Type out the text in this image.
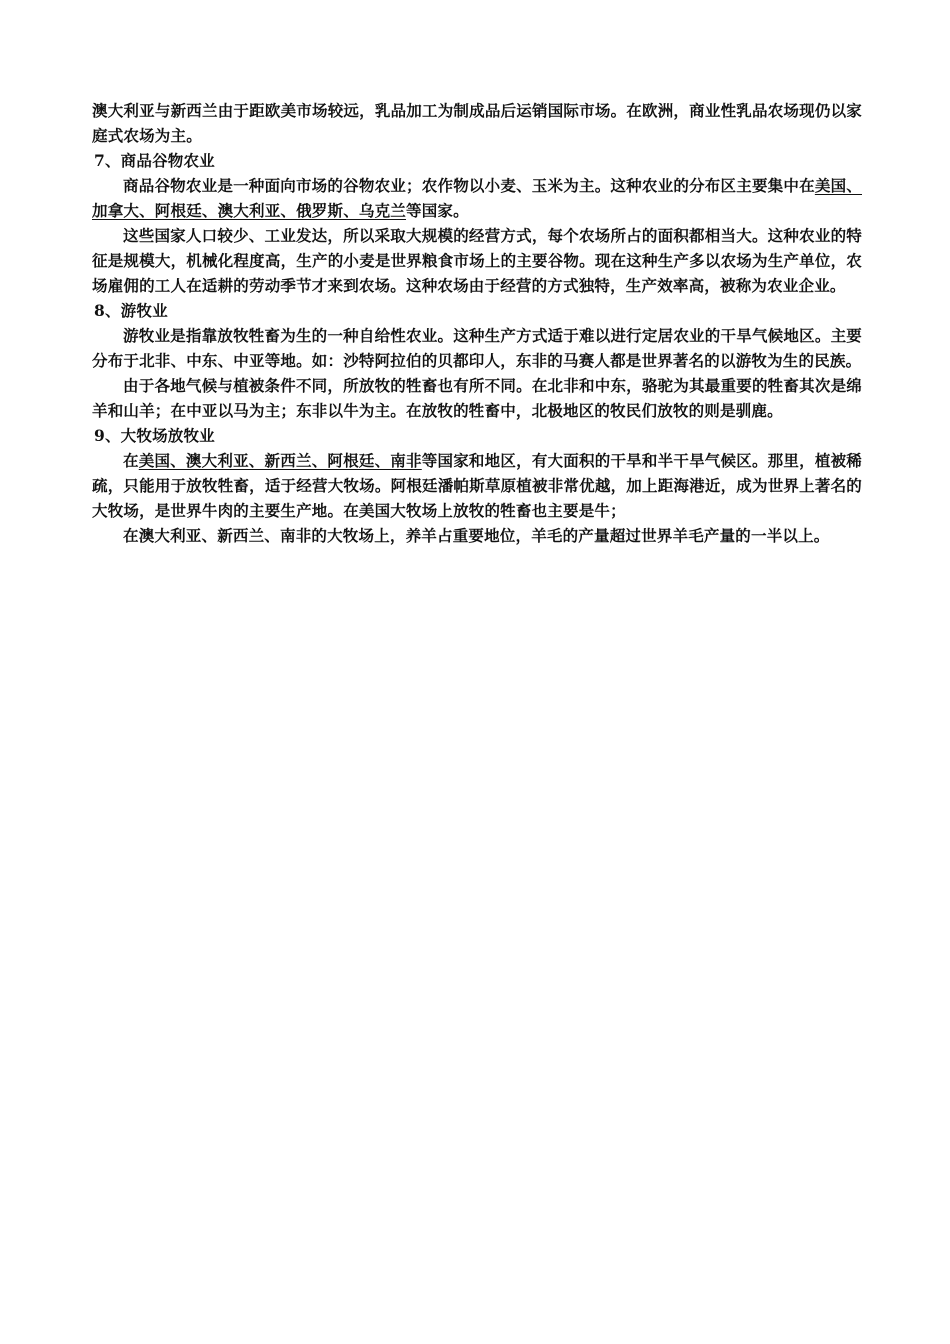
澳大利亚与新西兰由于距欧美市场较远，乳品加工为制成品后运销国际市场。在欧洲，商业性乳品农场现仍以家庭式农场为主。

7、商品谷物农业

商品谷物农业是一种面向市场的谷物农业；农作物以小麦、玉米为主。这种农业的分布区主要集中在美国、加拿大、阿根廷、澳大利亚、俄罗斯、乌克兰等国家。

这些国家人口较少、工业发达，所以采取大规模的经营方式，每个农场所占的面积都相当大。这种农业的特征是规模大，机械化程度高，生产的小麦是世界粮食市场上的主要谷物。现在这种生产多以农场为生产单位，农场雇佣的工人在适耕的劳动季节才来到农场。这种农场由于经营的方式独特，生产效率高，被称为农业企业。

8、游牧业

游牧业是指靠放牧牲畜为生的一种自给性农业。这种生产方式适于难以进行定居农业的干旱气候地区。主要分布于北非、中东、中亚等地。如：沙特阿拉伯的贝都印人，东非的马赛人都是世界著名的以游牧为生的民族。

由于各地气候与植被条件不同，所放牧的牲畜也有所不同。在北非和中东，骆驼为其最重要的牲畜其次是绵羊和山羊；在中亚以马为主；东非以牛为主。在放牧的牲畜中，北极地区的牧民们放牧的则是驯鹿。

9、大牧场放牧业

在美国、澳大利亚、新西兰、阿根廷、南非等国家和地区，有大面积的干旱和半干旱气候区。那里，植被稀疏，只能用于放牧牲畜，适于经营大牧场。阿根廷潘帕斯草原植被非常优越，加上距海港近，成为世界上著名的大牧场，是世界牛肉的主要生产地。在美国大牧场上放牧的牲畜也主要是牛；

在澳大利亚、新西兰、南非的大牧场上，养羊占重要地位，羊毛的产量超过世界羊毛产量的一半以上。
